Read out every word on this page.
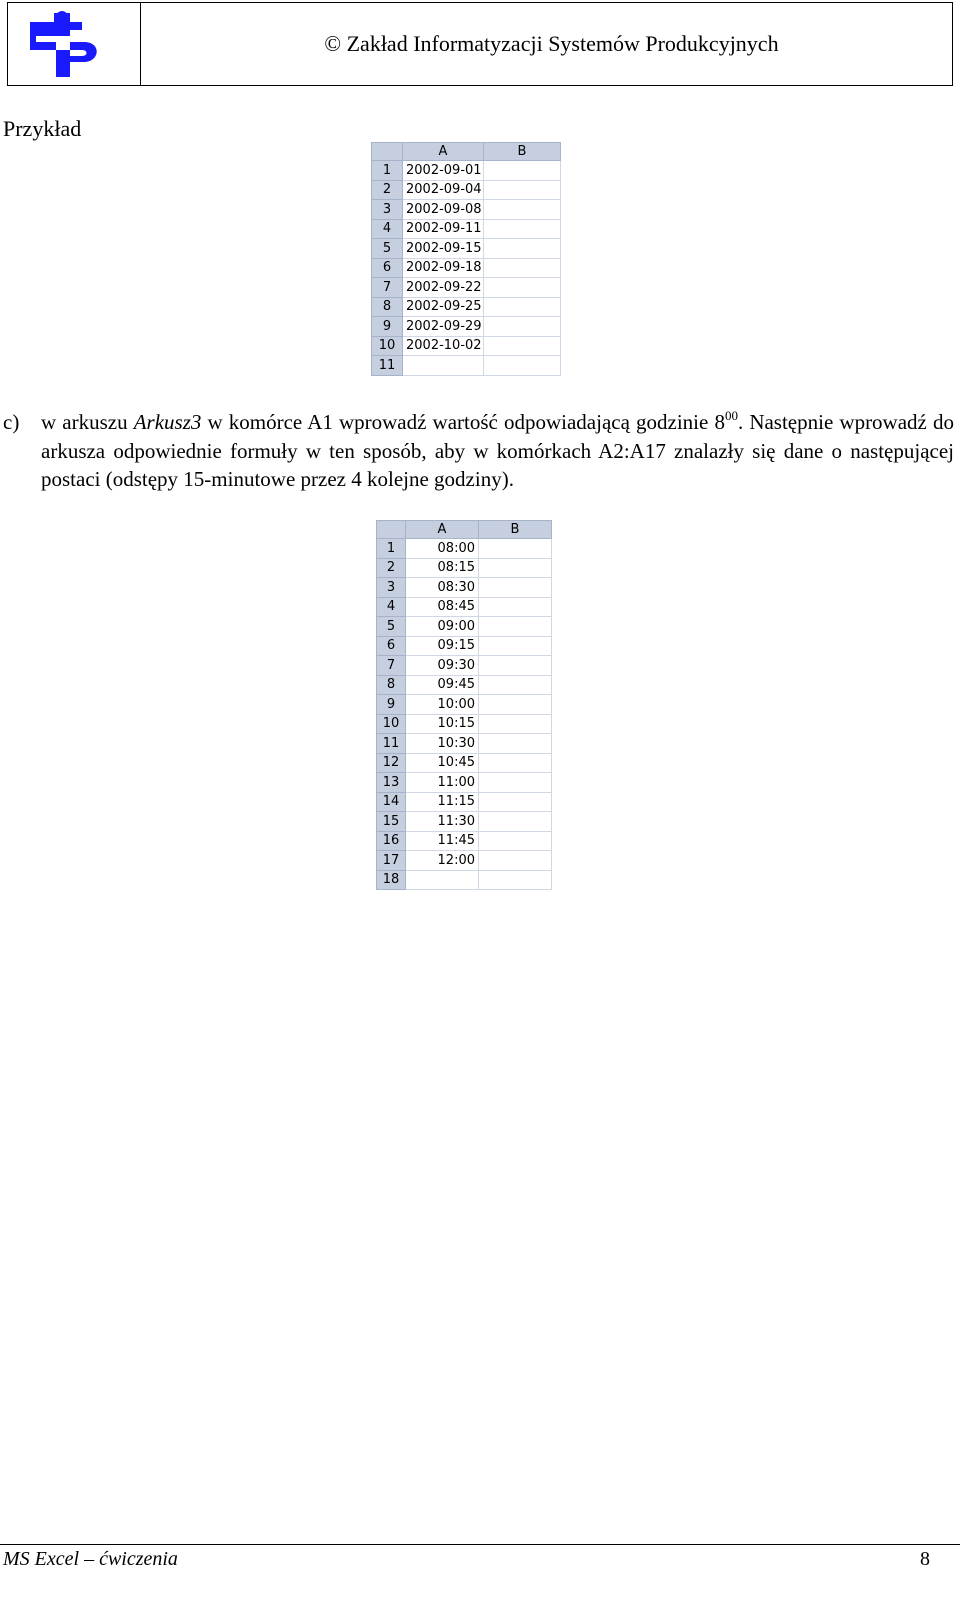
© Zakład Informatyzacji Systemów Produkcyjnych
Przykład
	A	B
1	2002-09-01	
2	2002-09-04	
3	2002-09-08	
4	2002-09-11	
5	2002-09-15	
6	2002-09-18	
7	2002-09-22	
8	2002-09-25	
9	2002-09-29	
10	2002-10-02	
11		
c) w arkuszu Arkusz3 w komórce A1 wprowadź wartość odpowiadającą godzinie $8^{00}$. Następnie wprowadź do arkusza odpowiednie formuły w ten sposób, aby w komórkach A2:A17 znalazły się dane o następującej postaci (odstępy 15-minutowe przez 4 kolejne godziny).
	A	B
1	08:00	
2	08:15	
3	08:30	
4	08:45	
5	09:00	
6	09:15	
7	09:30	
8	09:45	
9	10:00	
10	10:15	
11	10:30	
12	10:45	
13	11:00	
14	11:15	
15	11:30	
16	11:45	
17	12:00	
18		
MS Excel – ćwiczenia	8
